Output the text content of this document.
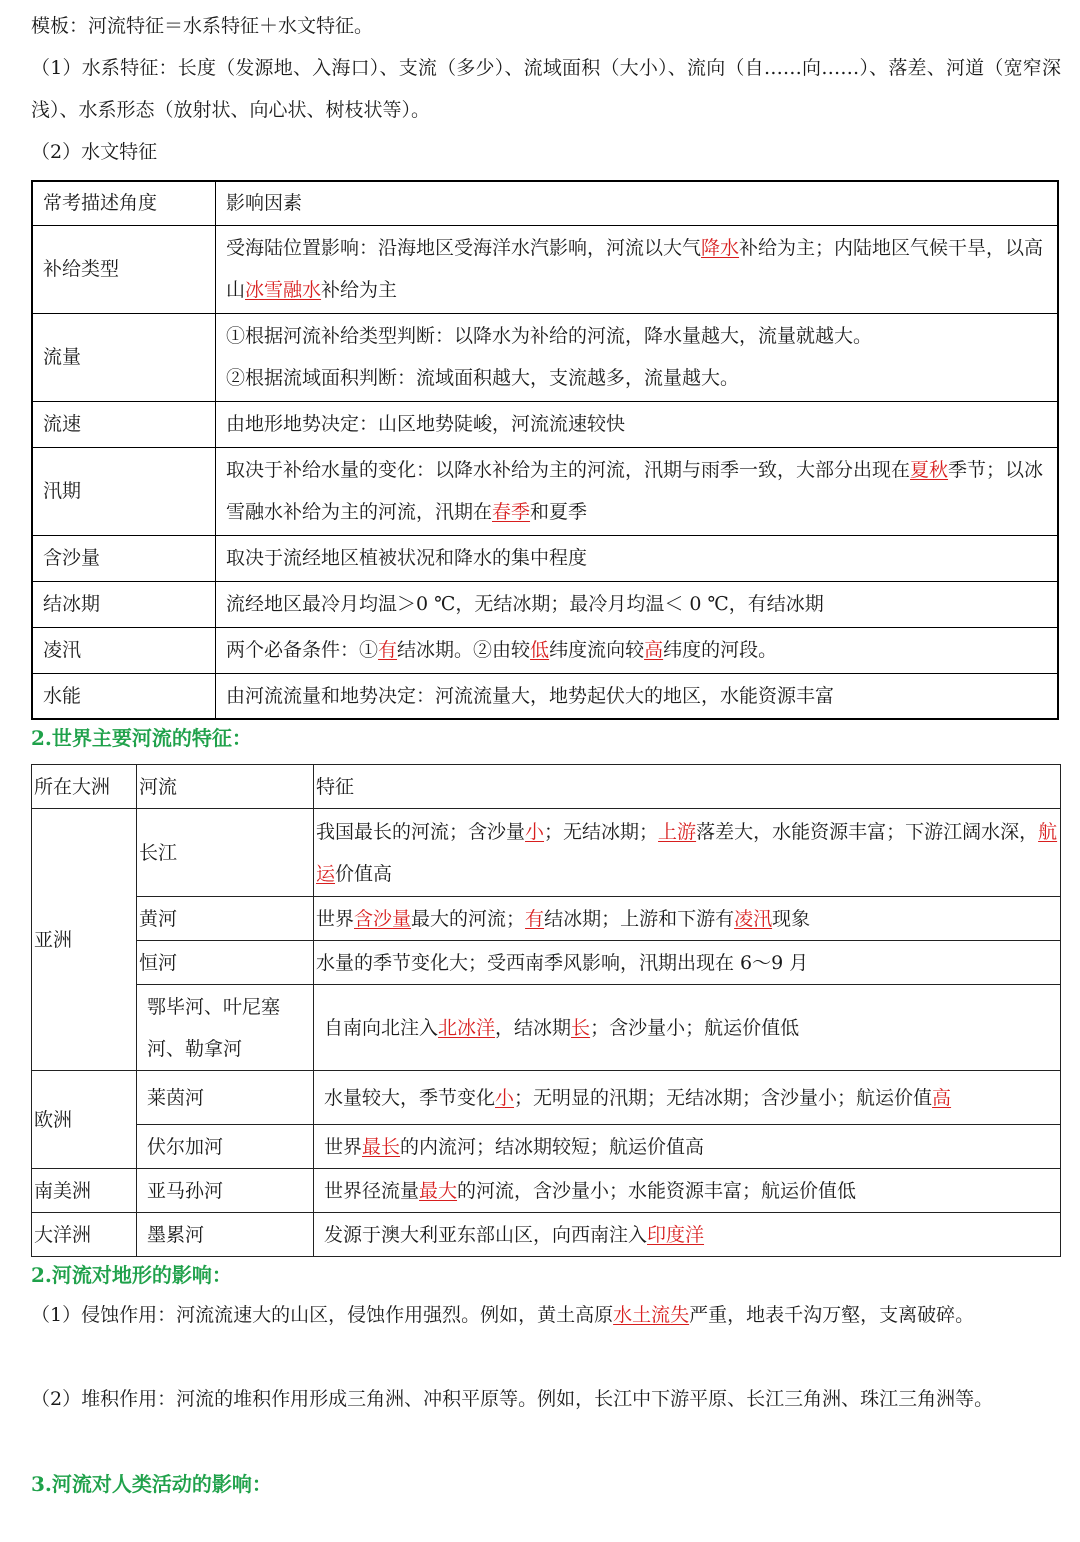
模板：河流特征＝水系特征＋水文特征。
（1）水系特征：长度（发源地、入海口）、支流（多少）、流域面积（大小）、流向（自……向……）、落差、河道（宽窄深浅）、水系形态（放射状、向心状、树枝状等）。
（2）水文特征
常考描述角度	影响因素
补给类型	受海陆位置影响：沿海地区受海洋水汽影响，河流以大气降水补给为主；内陆地区气候干旱，以高山冰雪融水补给为主
流量	①根据河流补给类型判断：以降水为补给的河流，降水量越大，流量就越大。
②根据流域面积判断：流域面积越大，支流越多，流量越大。

流速	由地形地势决定：山区地势陡峻，河流流速较快
汛期	取决于补给水量的变化：以降水补给为主的河流，汛期与雨季一致，大部分出现在夏秋季节；以冰雪融水补给为主的河流，汛期在春季和夏季
含沙量	取决于流经地区植被状况和降水的集中程度
结冰期	流经地区最冷月均温＞0 ℃，无结冰期；最冷月均温＜ 0 ℃，有结冰期
凌汛	两个必备条件：①有结冰期。②由较低纬度流向较高纬度的河段。
水能	由河流流量和地势决定：河流流量大，地势起伏大的地区，水能资源丰富
2.世界主要河流的特征：
所在大洲	河流	特征
亚洲	长江	我国最长的河流；含沙量小；无结冰期；上游落差大，水能资源丰富；下游江阔水深，航运价值高
	黄河	世界含沙量最大的河流；有结冰期；上游和下游有凌汛现象
	恒河	水量的季节变化大；受西南季风影响，汛期出现在 6～9 月
	鄂毕河、叶尼塞河、勒拿河	自南向北注入北冰洋，结冰期长；含沙量小；航运价值低
欧洲	莱茵河	水量较大，季节变化小；无明显的汛期；无结冰期；含沙量小；航运价值高
	伏尔加河	世界最长的内流河；结冰期较短；航运价值高
南美洲	亚马孙河	世界径流量最大的河流，含沙量小；水能资源丰富；航运价值低
大洋洲	墨累河	发源于澳大利亚东部山区，向西南注入印度洋
2.河流对地形的影响：
（1）侵蚀作用：河流流速大的山区，侵蚀作用强烈。例如，黄土高原水土流失严重，地表千沟万壑，支离破碎。
（2）堆积作用：河流的堆积作用形成三角洲、冲积平原等。例如，长江中下游平原、长江三角洲、珠江三角洲等。
3.河流对人类活动的影响：
